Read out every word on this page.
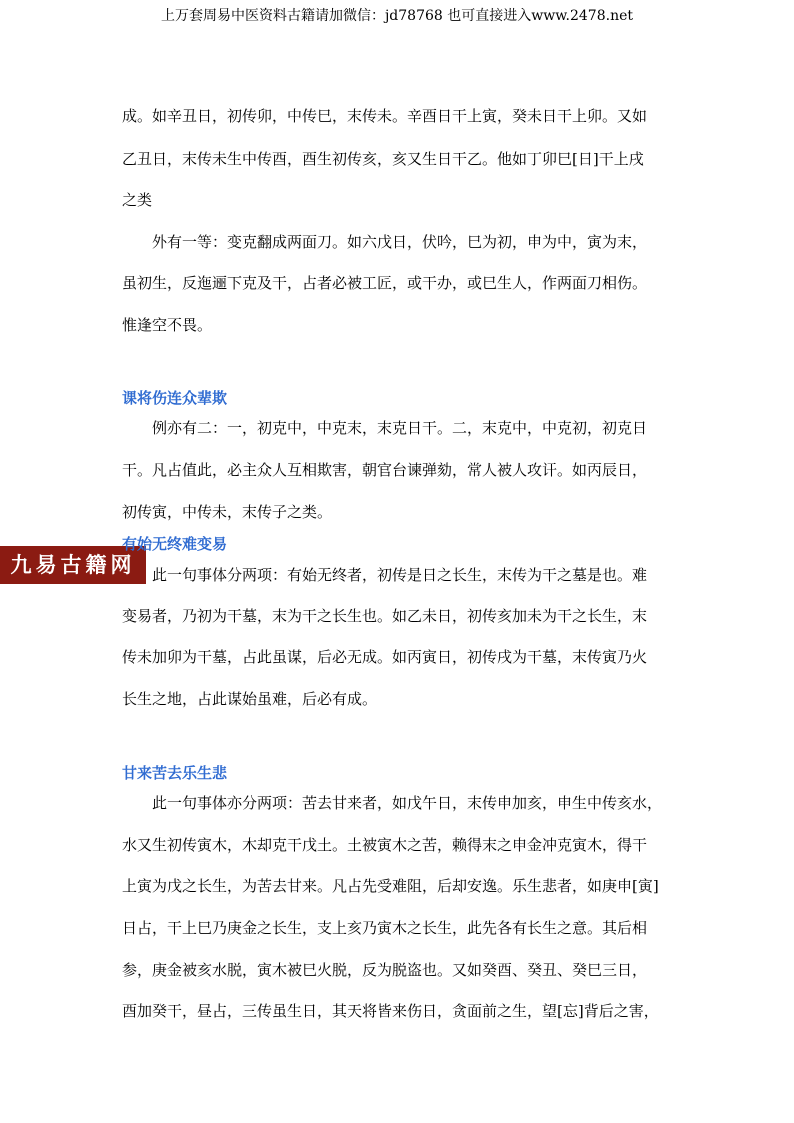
上万套周易中医资料古籍请加微信：jd78768 也可直接进入www.2478.net
九易古籍网
成。如辛丑日，初传卯，中传巳，末传未。辛酉日干上寅，癸未日干上卯。又如
乙丑日，末传未生中传酉，酉生初传亥，亥又生日干乙。他如丁卯巳[日]干上戌
之类
外有一等：变克翻成两面刀。如六戊日，伏吟，巳为初，申为中，寅为末，
虽初生，反迤逦下克及干，占者必被工匠，或干办，或巳生人，作两面刀相伤。
惟逢空不畏。
课将伤连众辈欺
例亦有二：一，初克中，中克末，末克日干。二，末克中，中克初，初克日
干。凡占值此，必主众人互相欺害，朝官台谏弹劾，常人被人攻讦。如丙辰日，
初传寅，中传未，末传子之类。
有始无终难变易
此一句事体分两项：有始无终者，初传是日之长生，末传为干之墓是也。难
变易者，乃初为干墓，末为干之长生也。如乙未日，初传亥加未为干之长生，末
传未加卯为干墓，占此虽谋，后必无成。如丙寅日，初传戌为干墓，末传寅乃火
长生之地，占此谋始虽难，后必有成。
甘来苦去乐生悲
此一句事体亦分两项：苦去甘来者，如戊午日，末传申加亥，申生中传亥水，
水又生初传寅木，木却克干戊土。土被寅木之苦，赖得末之申金冲克寅木，得干
上寅为戊之长生，为苦去甘来。凡占先受难阻，后却安逸。乐生悲者，如庚申[寅]
日占，干上巳乃庚金之长生，支上亥乃寅木之长生，此先各有长生之意。其后相
参，庚金被亥水脱，寅木被巳火脱，反为脱盗也。又如癸酉、癸丑、癸巳三日，
酉加癸干，昼占，三传虽生日，其天将皆来伤日，贪面前之生，望[忘]背后之害，
